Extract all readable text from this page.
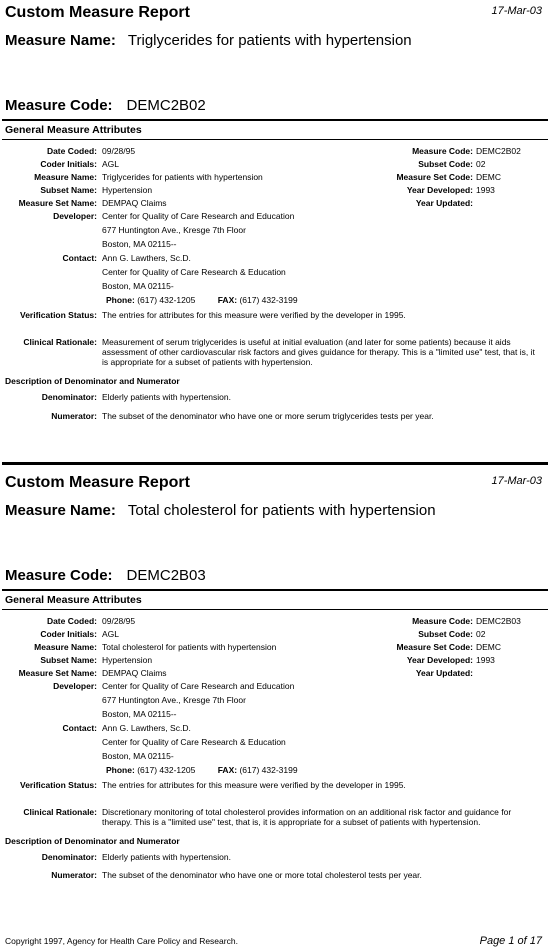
Custom Measure Report	17-Mar-03
Measure Name: Triglycerides for patients with hypertension
Measure Code: DEMC2B02
General Measure Attributes
Date Coded: 09/28/95	Measure Code: DEMC2B02
Coder Initials: AGL	Subset Code: 02
Measure Name: Triglycerides for patients with hypertension	Measure Set Code: DEMC
Subset Name: Hypertension	Year Developed: 1993
Measure Set Name: DEMPAQ Claims	Year Updated:
Developer: Center for Quality of Care Research and Education
677 Huntington Ave., Kresge 7th Floor
Boston, MA 02115--
Contact: Ann G. Lawthers, Sc.D.
Center for Quality of Care Research & Education
Boston, MA 02115-
Phone: (617) 432-1205	FAX: (617) 432-3199
Verification Status: The entries for attributes for this measure were verified by the developer in 1995.
Clinical Rationale: Measurement of serum triglycerides is useful at initial evaluation (and later for some patients) because it aids assessment of other cardiovascular risk factors and gives guidance for therapy. This is a "limited use" test, that is, it is appropriate for a subset of patients with hypertension.
Description of Denominator and Numerator
Denominator: Elderly patients with hypertension.
Numerator: The subset of the denominator who have one or more serum triglycerides tests per year.
Custom Measure Report	17-Mar-03
Measure Name: Total cholesterol for patients with hypertension
Measure Code: DEMC2B03
General Measure Attributes
Date Coded: 09/28/95	Measure Code: DEMC2B03
Coder Initials: AGL	Subset Code: 02
Measure Name: Total cholesterol for patients with hypertension	Measure Set Code: DEMC
Subset Name: Hypertension	Year Developed: 1993
Measure Set Name: DEMPAQ Claims	Year Updated:
Developer: Center for Quality of Care Research and Education
677 Huntington Ave., Kresge 7th Floor
Boston, MA 02115--
Contact: Ann G. Lawthers, Sc.D.
Center for Quality of Care Research & Education
Boston, MA 02115-
Phone: (617) 432-1205	FAX: (617) 432-3199
Verification Status: The entries for attributes for this measure were verified by the developer in 1995.
Clinical Rationale: Discretionary monitoring of total cholesterol provides information on an additional risk factor and guidance for therapy. This is a "limited use" test, that is, it is appropriate for a subset of patients with hypertension.
Description of Denominator and Numerator
Denominator: Elderly patients with hypertension.
Numerator: The subset of the denominator who have one or more total cholesterol tests per year.
Copyright 1997, Agency for Health Care Policy and Research.	Page 1 of 17
